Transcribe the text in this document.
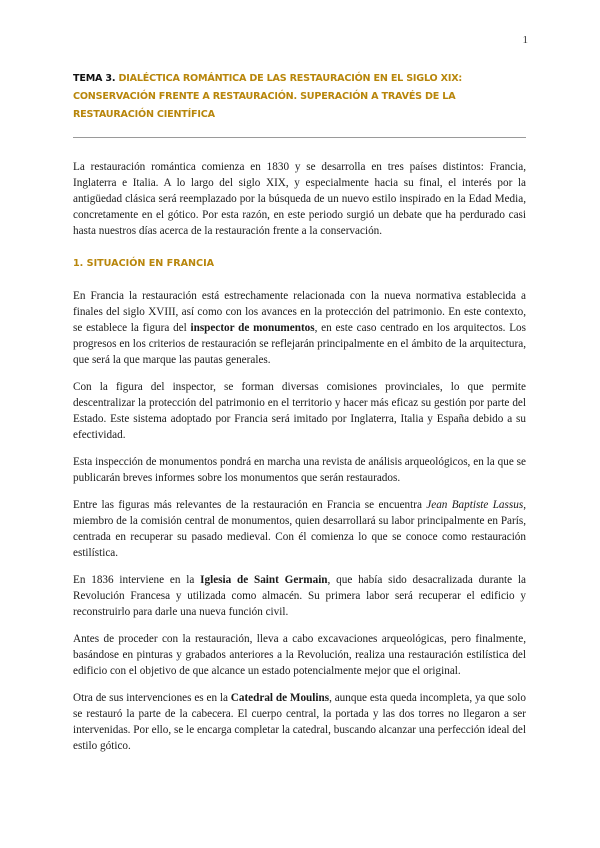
1
TEMA 3. DIALÉCTICA ROMÁNTICA DE LAS RESTAURACIÓN EN EL SIGLO XIX: CONSERVACIÓN FRENTE A RESTAURACIÓN. SUPERACIÓN A TRAVÉS DE LA RESTAURACIÓN CIENTÍFICA

La restauración romántica comienza en 1830 y se desarrolla en tres países distintos: Francia, Inglaterra e Italia. A lo largo del siglo XIX, y especialmente hacia su final, el interés por la antigüedad clásica será reemplazado por la búsqueda de un nuevo estilo inspirado en la Edad Media, concretamente en el gótico. Por esta razón, en este periodo surgió un debate que ha perdurado casi hasta nuestros días acerca de la restauración frente a la conservación.

1. SITUACIÓN EN FRANCIA

En Francia la restauración está estrechamente relacionada con la nueva normativa establecida a finales del siglo XVIII, así como con los avances en la protección del patrimonio. En este contexto, se establece la figura del inspector de monumentos, en este caso centrado en los arquitectos. Los progresos en los criterios de restauración se reflejarán principalmente en el ámbito de la arquitectura, que será la que marque las pautas generales.

Con la figura del inspector, se forman diversas comisiones provinciales, lo que permite descentralizar la protección del patrimonio en el territorio y hacer más eficaz su gestión por parte del Estado. Este sistema adoptado por Francia será imitado por Inglaterra, Italia y España debido a su efectividad.

Esta inspección de monumentos pondrá en marcha una revista de análisis arqueológicos, en la que se publicarán breves informes sobre los monumentos que serán restaurados.

Entre las figuras más relevantes de la restauración en Francia se encuentra Jean Baptiste Lassus, miembro de la comisión central de monumentos, quien desarrollará su labor principalmente en París, centrada en recuperar su pasado medieval. Con él comienza lo que se conoce como restauración estilística.

En 1836 interviene en la Iglesia de Saint Germain, que había sido desacralizada durante la Revolución Francesa y utilizada como almacén. Su primera labor será recuperar el edificio y reconstruirlo para darle una nueva función civil.

Antes de proceder con la restauración, lleva a cabo excavaciones arqueológicas, pero finalmente, basándose en pinturas y grabados anteriores a la Revolución, realiza una restauración estilística del edificio con el objetivo de que alcance un estado potencialmente mejor que el original.

Otra de sus intervenciones es en la Catedral de Moulins, aunque esta queda incompleta, ya que solo se restauró la parte de la cabecera. El cuerpo central, la portada y las dos torres no llegaron a ser intervenidas. Por ello, se le encarga completar la catedral, buscando alcanzar una perfección ideal del estilo gótico.
